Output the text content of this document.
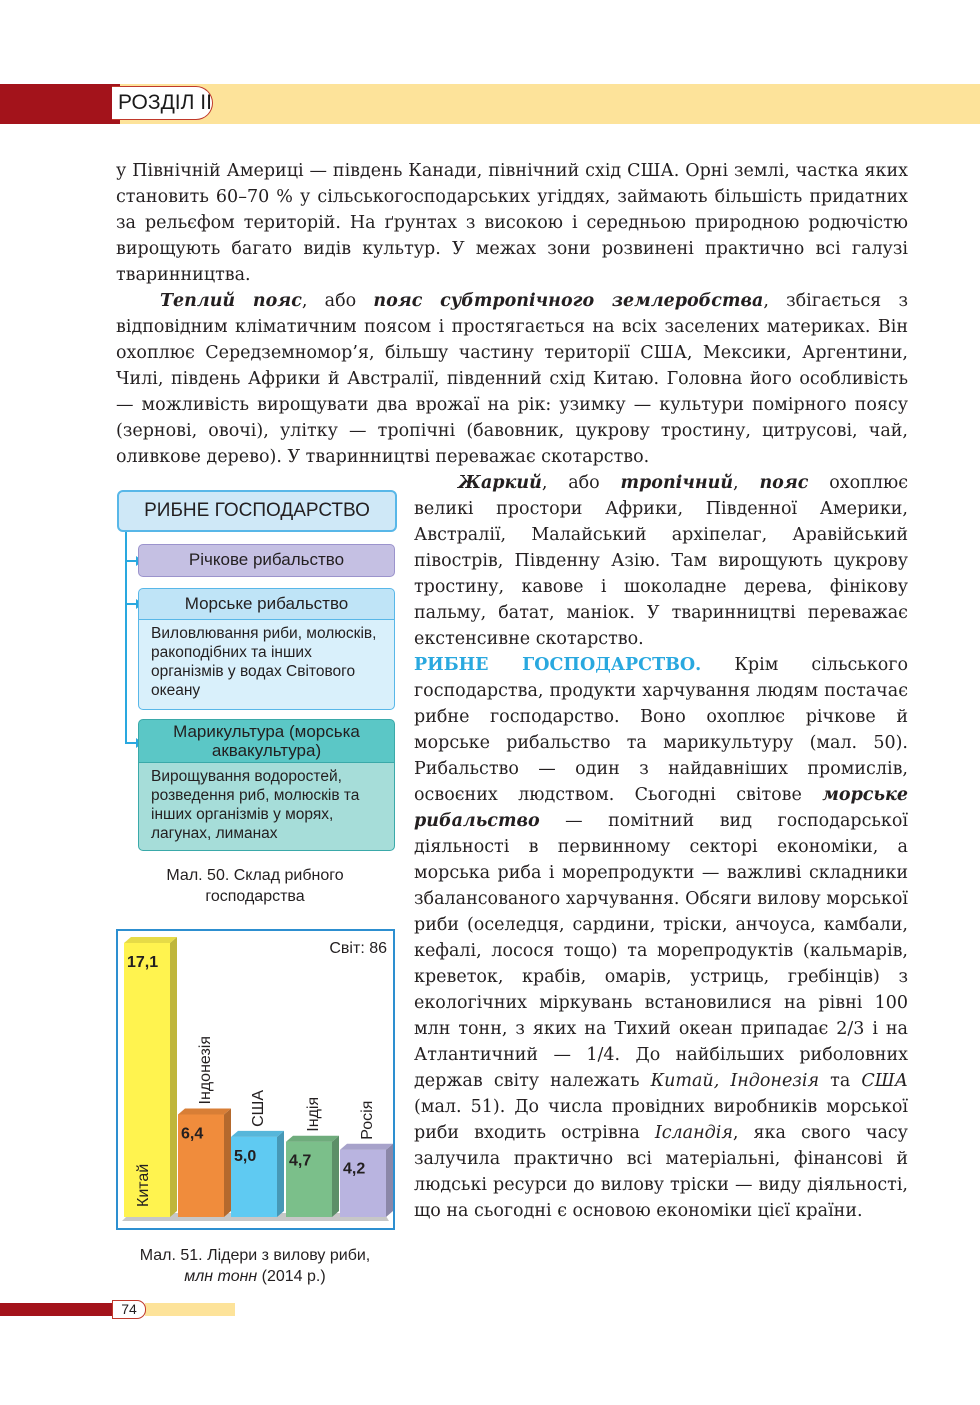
РОЗДІЛ ІІ

у Північній Америці — південь Канади, північний схід США. Орні землі, частка яких становить 60–70 % у сільськогосподарських угіддях, займають більшість придатних за рельєфом територій. На ґрунтах з високою і середньою природною родючістю вирощують багато видів культур. У межах зони розвинені практично всі галузі тваринництва.

Теплий пояс, або пояс субтропічного землеробства, збігається з відповідним кліматичним поясом і простягається на всіх заселених материках. Він охоплює Середземномор’я, більшу частину території США, Мексики, Аргентини, Чилі, південь Африки й Австралії, південний схід Китаю. Головна його особливість — можливість вирощувати два врожаї на рік: узимку — культури помірного поясу (зернові, овочі), улітку — тропічні (бавовник, цукрову тростину, цитрусові, чай, оливкове дерево). У тваринництві переважає скотарство.

Жаркий, або тропічний, пояс охоплює великі простори Африки, Південної Америки, Австралії, Малайський архіпелаг, Аравійський півострів, Південну Азію. Там вирощують цукрову тростину, кавове і шоколадне дерева, фінікову пальму, батат, маніок. У тваринництві переважає екстенсивне скотарство.

РИБНЕ ГОСПОДАРСТВО. Крім сільського господарства, продукти харчування людям постачає рибне господарство. Воно охоплює річкове й морське рибальство та марикультуру (мал. 50). Рибальство — один з найдавніших промислів, освоєних людством. Сьогодні світове морське рибальство — помітний вид господарської діяльності в первинному секторі економіки, а морська риба і морепродукти — важливі складники збалансованого харчування. Обсяги вилову морської риби (оселедця, сардини, тріски, анчоуса, камбали, кефалі, лосося тощо) та морепродуктів (кальмарів, креветок, крабів, омарів, устриць, гребінців) з екологічних міркувань встановилися на рівні 100 млн тонн, з яких на Тихий океан припадає 2/3 і на Атлантичний — 1/4. До найбільших риболовних держав світу належать Китай, Індонезія та США (мал. 51). До числа провідних виробників морської риби входить острівна Ісландія, яка свого часу залучила практично всі матеріальні, фінансові й людські ресурси до вилову тріски — виду діяльності, що на сьогодні є основою економіки цієї країни.

РИБНЕ ГОСПОДАРСТВО
Річкове рибальство
Морське рибальство
Виловлювання риби, молюсків, ракоподібних та інших організмів у водах Світового океану
Марикультура (морська аквакультура)
Вирощування водоростей, розведення риб, молюсків та інших організмів у морях, лагунах, лиманах
Мал. 50. Склад рибного господарства
Світ: 86
17,1
Китай
6,4
Індонезія
5,0
США
4,7
Індія
4,2
Росія
Мал. 51. Лідери з вилову риби,
млн тонн (2014 р.)
74
